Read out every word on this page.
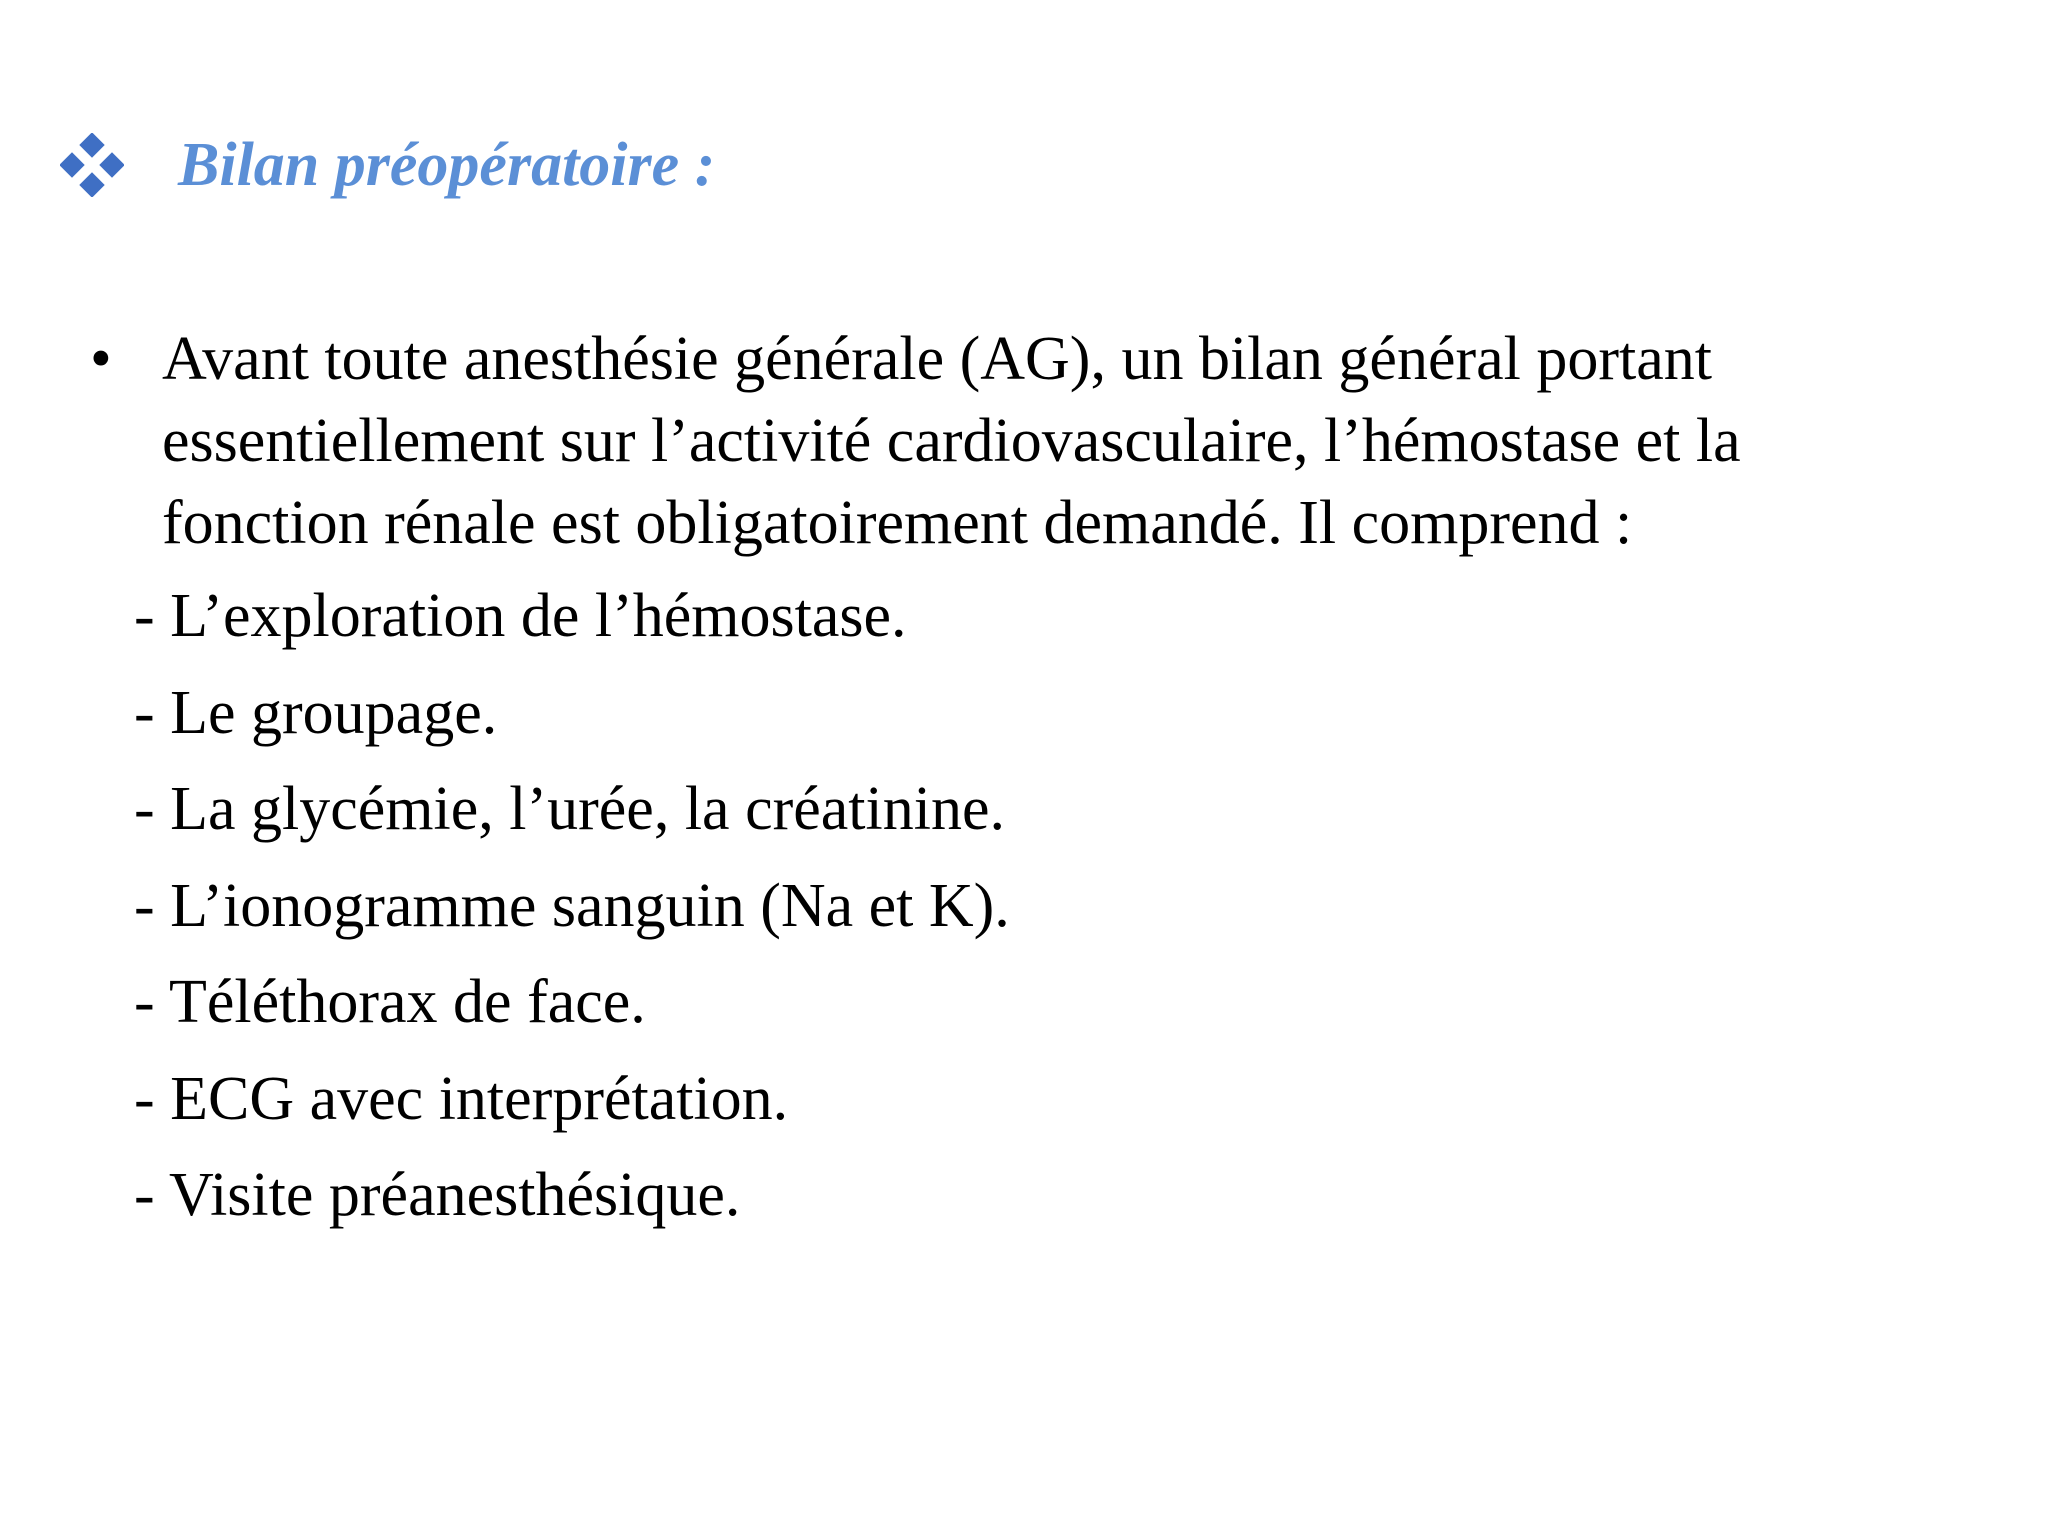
Bilan préopératoire :
• Avant toute anesthésie générale (AG), un bilan général portant essentiellement sur l’activité cardiovasculaire, l’hémostase et la fonction rénale est obligatoirement demandé. Il comprend :
- L’exploration de l’hémostase.
- Le groupage.
- La glycémie, l’urée, la créatinine.
- L’ionogramme sanguin (Na et K).
- Téléthorax de face.
- ECG avec interprétation.
- Visite préanesthésique.
